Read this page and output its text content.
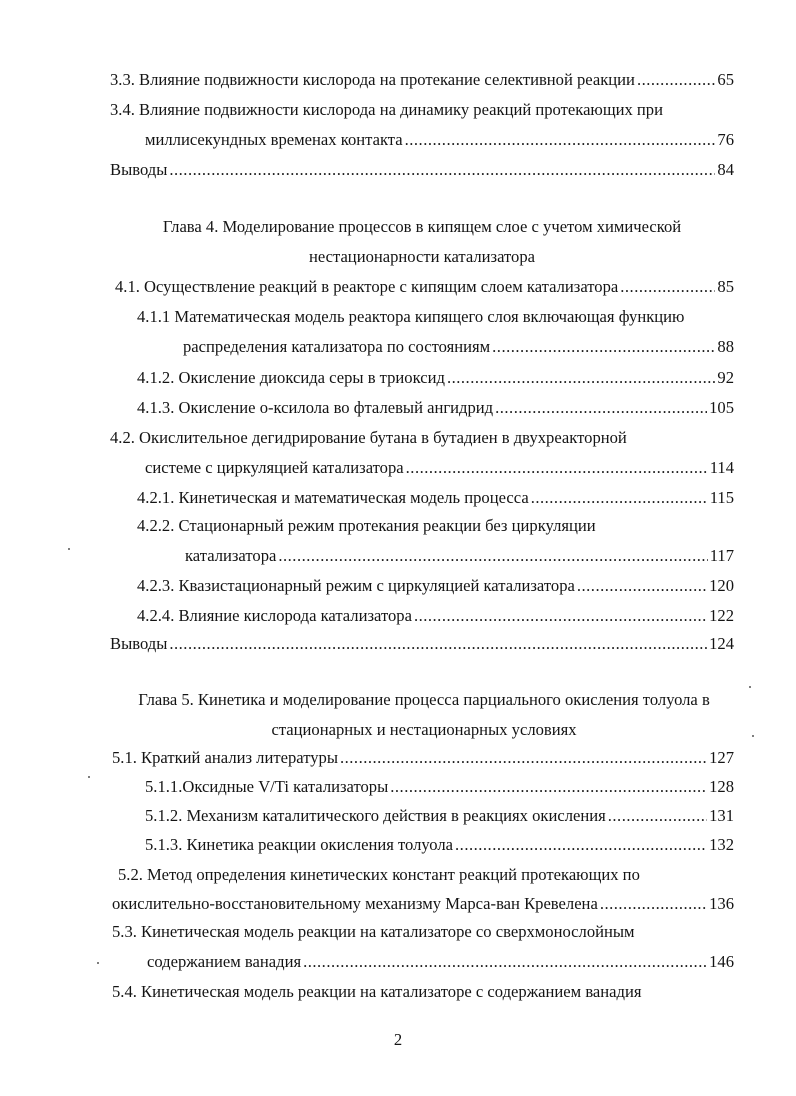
3.3. Влияние подвижности кислорода на протекание селективной реакции .....	65
3.4. Влияние подвижности кислорода на динамику реакций протекающих при
миллисекундных временах контакта .....	76
Выводы .....	84
Глава 4. Моделирование процессов в кипящем слое с учетом химической
нестационарности катализатора
4.1. Осуществление реакций в реакторе с кипящим слоем катализатора .....	85
4.1.1 Математическая модель реактора кипящего слоя включающая функцию
распределения катализатора по состояниям .....	88
4.1.2. Окисление диоксида серы в триоксид .....	92
4.1.3. Окисление о-ксилола во фталевый ангидрид .....	105
4.2. Окислительное дегидрирование бутана в бутадиен в двухреакторной
системе с циркуляцией катализатора .....	114
4.2.1. Кинетическая и математическая модель процесса .....	115
4.2.2. Стационарный режим протекания реакции без циркуляции
катализатора .....	117
4.2.3. Квазистационарный режим с циркуляцией катализатора .....	120
4.2.4. Влияние кислорода катализатора .....	122
Выводы .....	124
Глава 5. Кинетика и моделирование процесса парциального окисления толуола в
стационарных и нестационарных условиях
5.1. Краткий анализ литературы .....	127
5.1.1.Оксидные V/Ti катализаторы .....	128
5.1.2. Механизм каталитического действия в реакциях окисления .....	131
5.1.3. Кинетика реакции окисления толуола .....	132
5.2. Метод определения кинетических констант реакций протекающих по
окислительно-восстановительному механизму Марса-ван Кревелена .....	136
5.3. Кинетическая модель реакции на катализаторе со сверхмонослойным
содержанием ванадия .....	146
5.4. Кинетическая модель реакции на катализаторе с содержанием ванадия
2
